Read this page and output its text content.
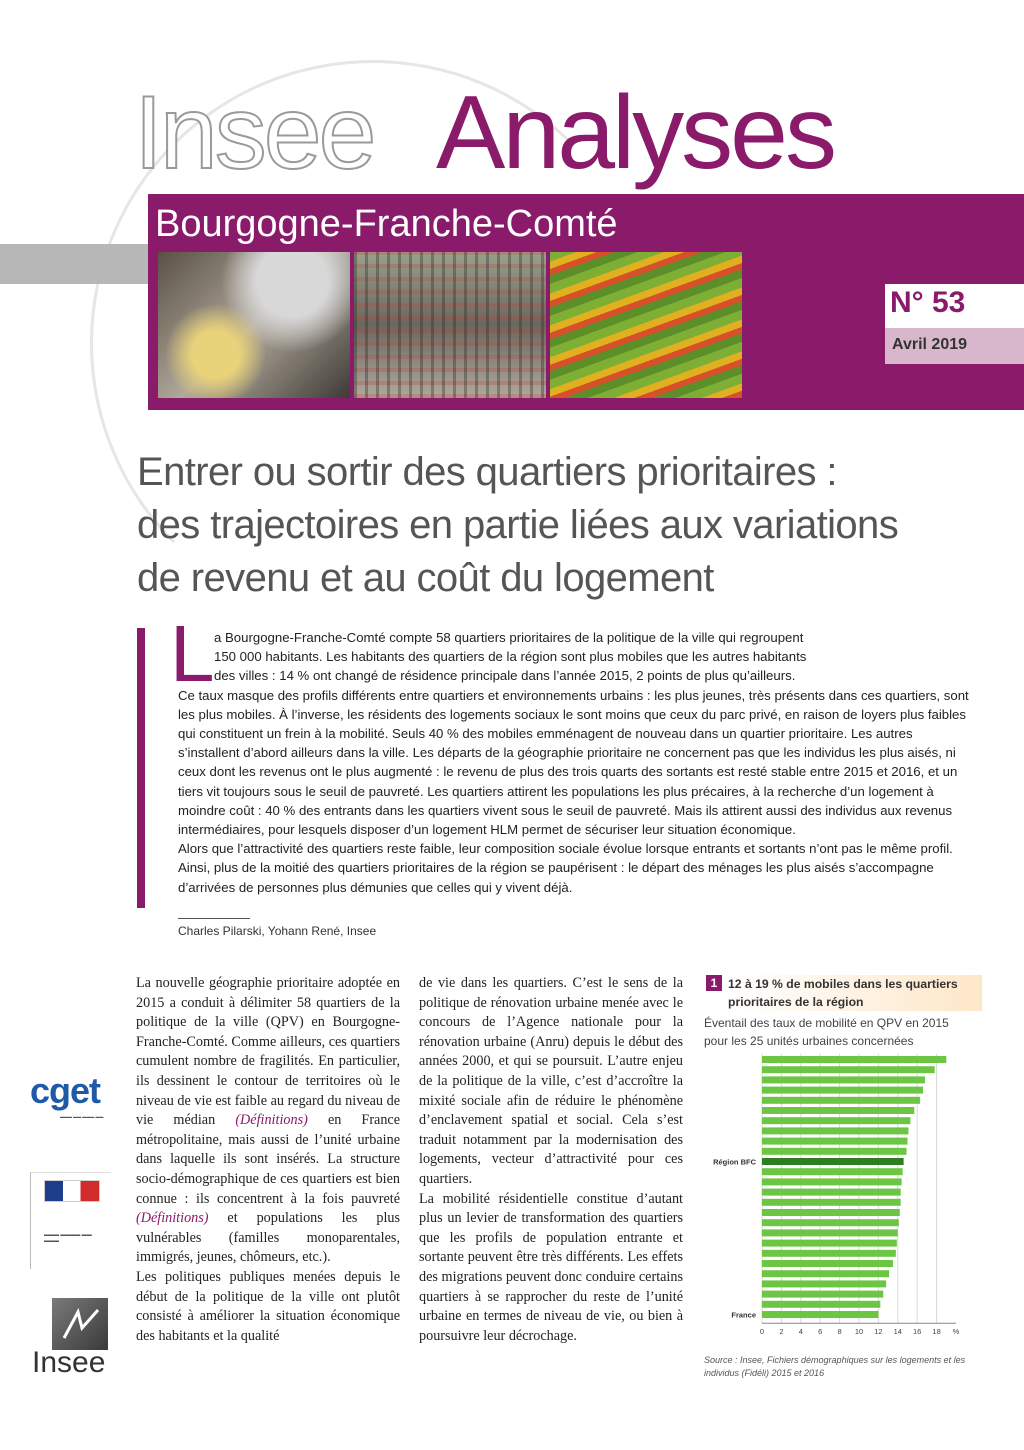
Insee Analyses
Bourgogne-Franche-Comté
N° 53
Avril 2019
Entrer ou sortir des quartiers prioritaires :
des trajectoires en partie liées aux variations
de revenu et au coût du logement
L a Bourgogne-Franche-Comté compte 58 quartiers prioritaires de la politique de la ville qui regroupent
150 000 habitants. Les habitants des quartiers de la région sont plus mobiles que les autres habitants
des villes : 14 % ont changé de résidence principale dans l’année 2015, 2 points de plus qu’ailleurs.

Ce taux masque des profils différents entre quartiers et environnements urbains : les plus jeunes, très présents dans ces quartiers, sont les plus mobiles. À l’inverse, les résidents des logements sociaux le sont moins que ceux du parc privé, en raison de loyers plus faibles qui constituent un frein à la mobilité. Seuls 40 % des mobiles emménagent de nouveau dans un quartier prioritaire. Les autres s’installent d’abord ailleurs dans la ville. Les départs de la géographie prioritaire ne concernent pas que les individus les plus aisés, ni ceux dont les revenus ont le plus augmenté : le revenu de plus des trois quarts des sortants est resté stable entre 2015 et 2016, et un tiers vit toujours sous le seuil de pauvreté. Les quartiers attirent les populations les plus précaires, à la recherche d’un logement à moindre coût : 40 % des entrants dans les quartiers vivent sous le seuil de pauvreté. Mais ils attirent aussi des individus aux revenus intermédiaires, pour lesquels disposer d’un logement HLM permet de sécuriser leur situation économique.

Alors que l’attractivité des quartiers reste faible, leur composition sociale évolue lorsque entrants et sortants n’ont pas le même profil. Ainsi, plus de la moitié des quartiers prioritaires de la région se paupérisent : le départ des ménages les plus aisés s’accompagne d’arrivées de personnes plus démunies que celles qui y vivent déjà.

Charles Pilarski, Yohann René, Insee

La nouvelle géographie prioritaire adoptée en 2015 a conduit à délimiter 58 quartiers de la politique de la ville (QPV) en Bourgogne-Franche-Comté. Comme ailleurs, ces quartiers cumulent nombre de fragilités. En particulier, ils dessinent le contour de territoires où le niveau de vie est faible au regard du niveau de vie médian (Définitions) en France métropolitaine, mais aussi de l’unité urbaine dans laquelle ils sont insérés. La structure socio-démographique de ces quartiers est bien connue : ils concentrent à la fois pauvreté (Définitions) et populations les plus vulnérables (familles monoparentales, immigrés, jeunes, chômeurs, etc.).

Les politiques publiques menées depuis le début de la politique de la ville ont plutôt consisté à améliorer la situation économique des habitants et la qualité

de vie dans les quartiers. C’est le sens de la politique de rénovation urbaine menée avec le concours de l’Agence nationale pour la rénovation urbaine (Anru) depuis le début des années 2000, et qui se poursuit. L’autre enjeu de la politique de la ville, c’est d’accroître la mixité sociale afin de réduire le phénomène d’enclavement spatial et social. Cela s’est traduit notamment par la modernisation des logements, vecteur d’attractivité pour ces quartiers.

La mobilité résidentielle constitue d’autant plus un levier de transformation des quartiers que les profils de population entrante et sortante peuvent être très différents. Les effets des migrations peuvent donc conduire certains quartiers à se rapprocher du reste de l’unité urbaine en termes de niveau de vie, ou bien à poursuivre leur décrochage.

cget
▬▬▬ ▬▬ ▬▬▬ ▬▬
▬▬▬ ▬▬▬▬ ▬▬ ▬▬▬
Insee
1 12 à 19 % de mobiles dans les quartiers prioritaires de la région
Éventail des taux de mobilité en QPV en 2015 pour les 25 unités urbaines concernées
Région BFC
France
0 2 4 6 8 10 12 14 16 18 %
Source : Insee, Fichiers démographiques sur les logements et les individus (Fidéli) 2015 et 2016
